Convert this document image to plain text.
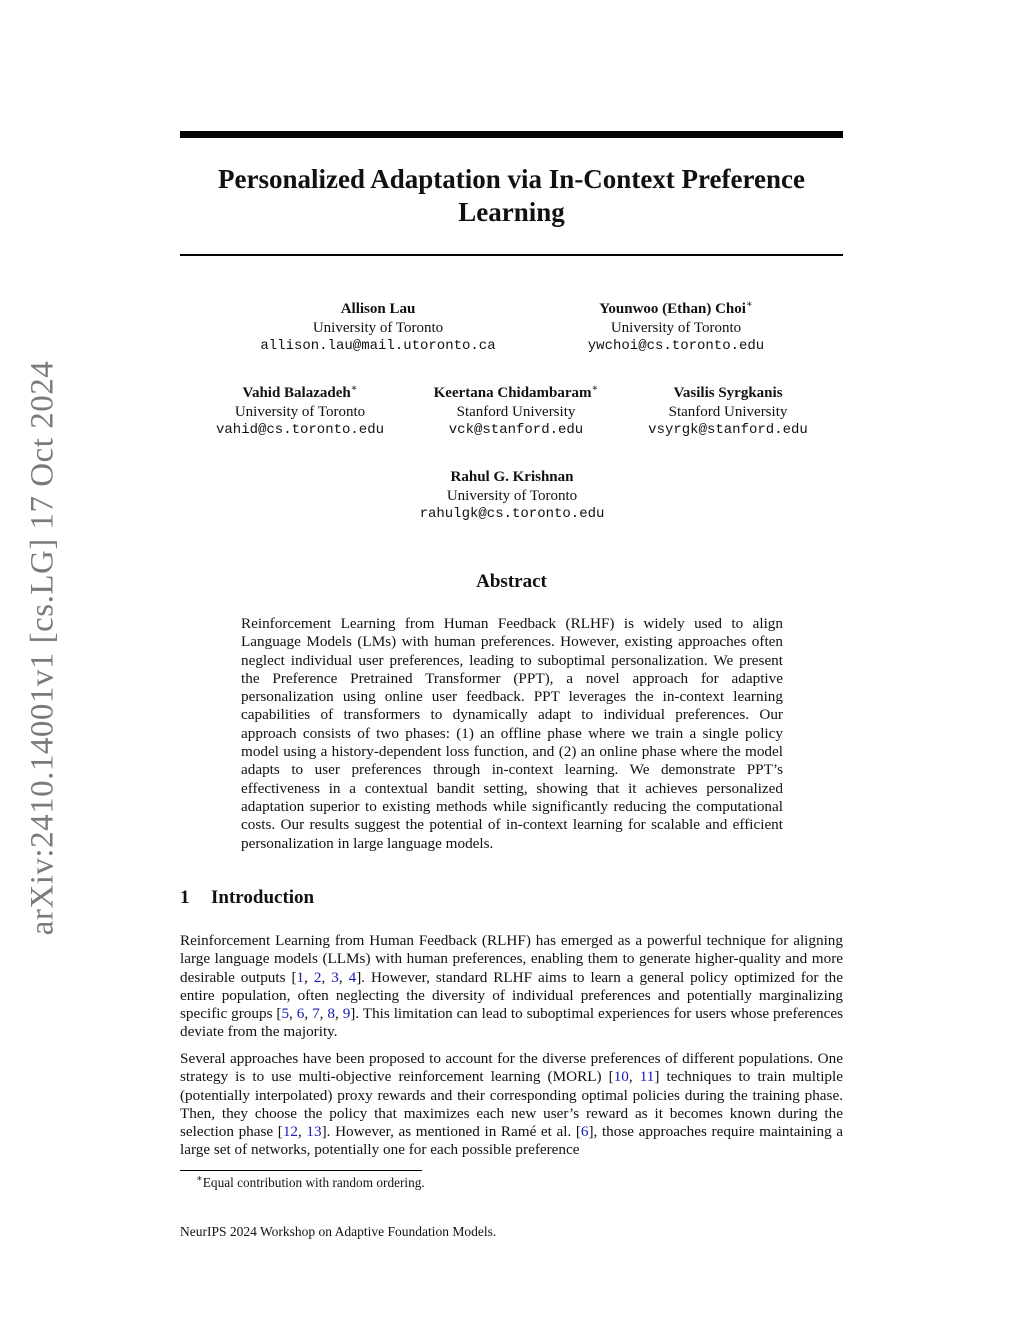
arXiv:2410.14001v1 [cs.LG] 17 Oct 2024
Personalized Adaptation via In-Context Preference Learning
Allison Lau
University of Toronto
allison.lau@mail.utoronto.ca
Younwoo (Ethan) Choi∗
University of Toronto
ywchoi@cs.toronto.edu
Vahid Balazadeh∗
University of Toronto
vahid@cs.toronto.edu
Keertana Chidambaram∗
Stanford University
vck@stanford.edu
Vasilis Syrgkanis
Stanford University
vsyrgk@stanford.edu
Rahul G. Krishnan
University of Toronto
rahulgk@cs.toronto.edu
Abstract
Reinforcement Learning from Human Feedback (RLHF) is widely used to align Language Models (LMs) with human preferences. However, existing approaches often neglect individual user preferences, leading to suboptimal personalization. We present the Preference Pretrained Transformer (PPT), a novel approach for adaptive personalization using online user feedback. PPT leverages the in-context learning capabilities of transformers to dynamically adapt to individual preferences. Our approach consists of two phases: (1) an offline phase where we train a single policy model using a history-dependent loss function, and (2) an online phase where the model adapts to user preferences through in-context learning. We demonstrate PPT’s effectiveness in a contextual bandit setting, showing that it achieves personalized adaptation superior to existing methods while significantly reducing the computational costs. Our results suggest the potential of in-context learning for scalable and efficient personalization in large language models.
1 Introduction
Reinforcement Learning from Human Feedback (RLHF) has emerged as a powerful technique for aligning large language models (LLMs) with human preferences, enabling them to generate higher-quality and more desirable outputs [1, 2, 3, 4]. However, standard RLHF aims to learn a general policy optimized for the entire population, often neglecting the diversity of individual preferences and potentially marginalizing specific groups [5, 6, 7, 8, 9]. This limitation can lead to suboptimal experiences for users whose preferences deviate from the majority.
Several approaches have been proposed to account for the diverse preferences of different populations. One strategy is to use multi-objective reinforcement learning (MORL) [10, 11] techniques to train multiple (potentially interpolated) proxy rewards and their corresponding optimal policies during the training phase. Then, they choose the policy that maximizes each new user’s reward as it becomes known during the selection phase [12, 13]. However, as mentioned in Ramé et al. [6], those approaches require maintaining a large set of networks, potentially one for each possible preference
∗Equal contribution with random ordering.
NeurIPS 2024 Workshop on Adaptive Foundation Models.
